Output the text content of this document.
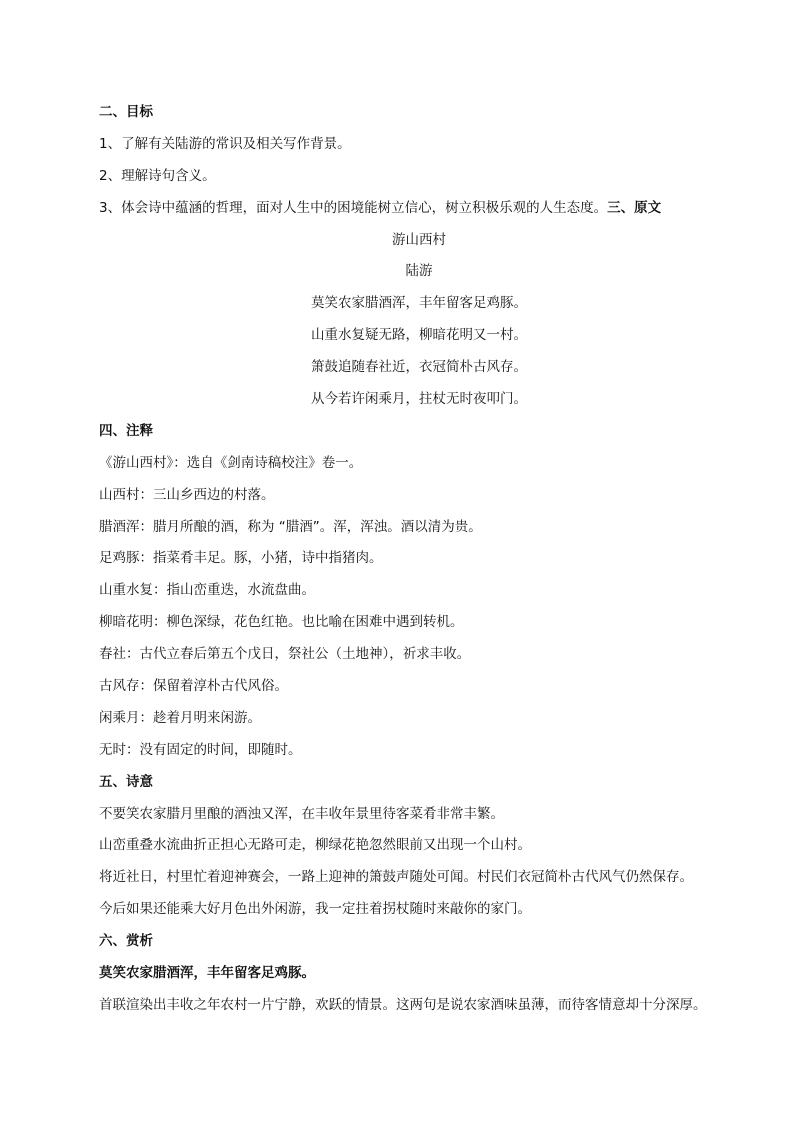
二、目标
1、了解有关陆游的常识及相关写作背景。
2、理解诗句含义。
3、体会诗中蕴涵的哲理，面对人生中的困境能树立信心，树立积极乐观的人生态度。三、原文
游山西村
陆游
莫笑农家腊酒浑，丰年留客足鸡豚。
山重水复疑无路，柳暗花明又一村。
箫鼓追随春社近，衣冠简朴古风存。
从今若许闲乘月，拄杖无时夜叩门。
四、注释
《游山西村》：选自《剑南诗稿校注》卷一。
山西村：三山乡西边的村落。
腊酒浑：腊月所酿的酒，称为 “腊酒”。浑，浑浊。酒以清为贵。
足鸡豚：指菜肴丰足。豚，小猪，诗中指猪肉。
山重水复：指山峦重迭，水流盘曲。
柳暗花明：柳色深绿，花色红艳。也比喻在困难中遇到转机。
春社：古代立春后第五个戊日，祭社公（土地神），祈求丰收。
古风存：保留着淳朴古代风俗。
闲乘月：趁着月明来闲游。
无时：没有固定的时间，即随时。
五、诗意
不要笑农家腊月里酿的酒浊又浑，在丰收年景里待客菜肴非常丰繁。
山峦重叠水流曲折正担心无路可走，柳绿花艳忽然眼前又出现一个山村。
将近社日，村里忙着迎神赛会，一路上迎神的箫鼓声随处可闻。村民们衣冠简朴古代风气仍然保存。
今后如果还能乘大好月色出外闲游，我一定拄着拐杖随时来敲你的家门。
六、赏析
莫笑农家腊酒浑，丰年留客足鸡豚。
首联渲染出丰收之年农村一片宁静，欢跃的情景。这两句是说农家酒味虽薄，而待客情意却十分深厚。
